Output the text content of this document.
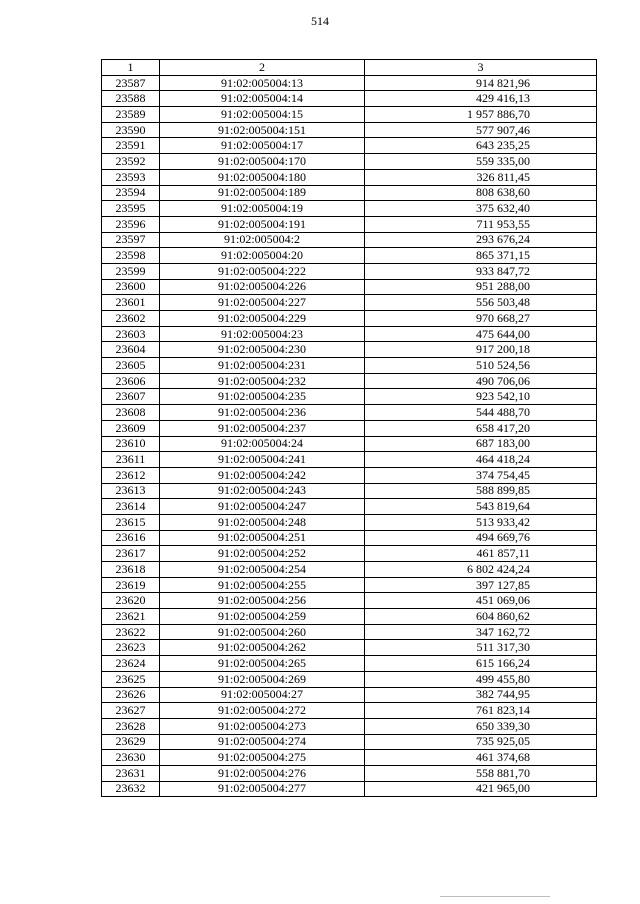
514
1	2	3
23587	91:02:005004:13	914 821,96
23588	91:02:005004:14	429 416,13
23589	91:02:005004:15	1 957 886,70
23590	91:02:005004:151	577 907,46
23591	91:02:005004:17	643 235,25
23592	91:02:005004:170	559 335,00
23593	91:02:005004:180	326 811,45
23594	91:02:005004:189	808 638,60
23595	91:02:005004:19	375 632,40
23596	91:02:005004:191	711 953,55
23597	91:02:005004:2	293 676,24
23598	91:02:005004:20	865 371,15
23599	91:02:005004:222	933 847,72
23600	91:02:005004:226	951 288,00
23601	91:02:005004:227	556 503,48
23602	91:02:005004:229	970 668,27
23603	91:02:005004:23	475 644,00
23604	91:02:005004:230	917 200,18
23605	91:02:005004:231	510 524,56
23606	91:02:005004:232	490 706,06
23607	91:02:005004:235	923 542,10
23608	91:02:005004:236	544 488,70
23609	91:02:005004:237	658 417,20
23610	91:02:005004:24	687 183,00
23611	91:02:005004:241	464 418,24
23612	91:02:005004:242	374 754,45
23613	91:02:005004:243	588 899,85
23614	91:02:005004:247	543 819,64
23615	91:02:005004:248	513 933,42
23616	91:02:005004:251	494 669,76
23617	91:02:005004:252	461 857,11
23618	91:02:005004:254	6 802 424,24
23619	91:02:005004:255	397 127,85
23620	91:02:005004:256	451 069,06
23621	91:02:005004:259	604 860,62
23622	91:02:005004:260	347 162,72
23623	91:02:005004:262	511 317,30
23624	91:02:005004:265	615 166,24
23625	91:02:005004:269	499 455,80
23626	91:02:005004:27	382 744,95
23627	91:02:005004:272	761 823,14
23628	91:02:005004:273	650 339,30
23629	91:02:005004:274	735 925,05
23630	91:02:005004:275	461 374,68
23631	91:02:005004:276	558 881,70
23632	91:02:005004:277	421 965,00
